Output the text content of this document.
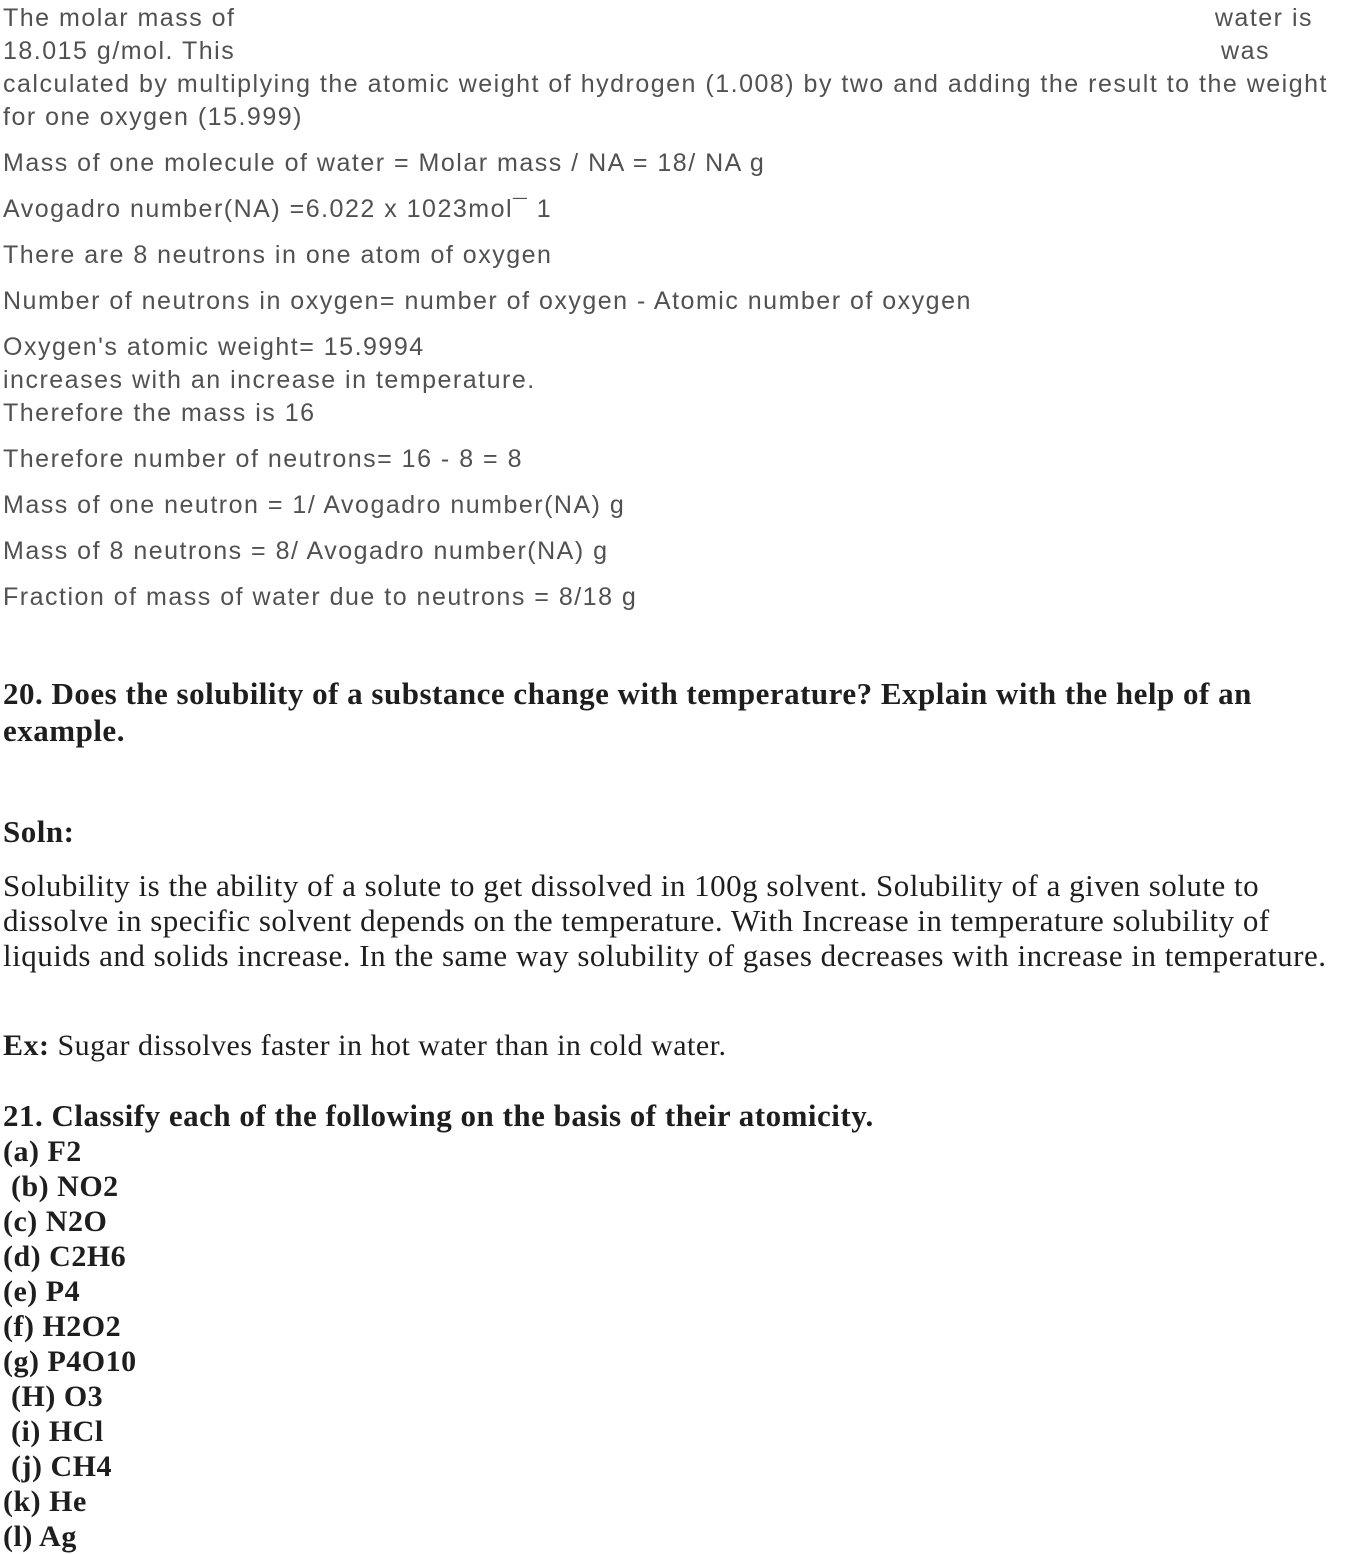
The molar mass of	water is
18.015 g/mol. This	was
calculated by multiplying the atomic weight of hydrogen (1.008) by two and adding the result to the weight
for one oxygen (15.999)
Mass of one molecule of water = Molar mass / NA = 18/ NA g
Avogadro number(NA) =6.022 x 1023mol¯ 1
There are 8 neutrons in one atom of oxygen
Number of neutrons in oxygen= number of oxygen - Atomic number of oxygen
Oxygen's atomic weight= 15.9994
increases with an increase in temperature.
Therefore the mass is 16
Therefore number of neutrons= 16 - 8 = 8
Mass of one neutron = 1/ Avogadro number(NA) g
Mass of 8 neutrons = 8/ Avogadro number(NA) g
Fraction of mass of water due to neutrons = 8/18 g
20. Does the solubility of a substance change with temperature? Explain with the help of an
example.
Soln:
Solubility is the ability of a solute to get dissolved in 100g solvent. Solubility of a given solute to
dissolve in specific solvent depends on the temperature. With Increase in temperature solubility of
liquids and solids increase. In the same way solubility of gases decreases with increase in temperature.
Ex: Sugar dissolves faster in hot water than in cold water.
21. Classify each of the following on the basis of their atomicity.
(a) F2
(b) NO2
(c) N2O
(d) C2H6
(e) P4
(f) H2O2
(g) P4O10
(H) O3
(i) HCl
(j) CH4
(k) He
(l) Ag
